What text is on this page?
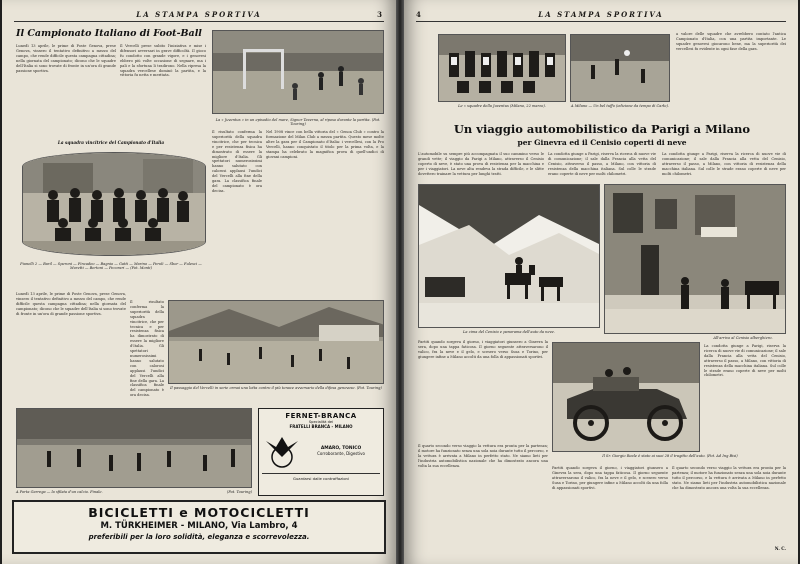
LA STAMPA SPORTIVA	3
Il Campionato Italiano di Foot-Ball
Lunedì 13 aprile, le prime di Poste Genova, prese Genova, vinsero il tentativo definitivo a mezzo del campo, che rende difficile questa campagna cittadina; nella giornata del campionato; dicono che le squadre dell'Italia si sono trovate di fronte in un'ora di grande passione sportiva.
Il Vercelli prese subito l'iniziativa e mise i difensori avversari in grave difficoltà. Il gioco fu condotto con grande vigore, e i genovesi ebbero più volte occasione di segnare, ma i pali e la sfortuna li tradirono. Nella ripresa la squadra vercellese dominò la partita, e la vittoria fu netta e meritata.
La « Juventus » in un episodio del mare, Signor Taverna, al riposo durante la partita. (Fot. Touring)
La squadra vincitrice del Campionato d'Italia
Pianelli 2 — Baril — Speroni — Fincadeo — Bagnio — Gatti — Marino — Peroli — Sbor — Fulesci — Moretti — Bertoni — Pecorari — (Fot. Monti)
Il risultato conferma la superiorità della squadra vincitrice, che per tecnica e per resistenza fisica ha dimostrato di essere la migliore d'Italia. Gli spettatori numerosissimi hanno salutato con calorosi applausi l'undici del Vercelli alla fine della gara. La classifica finale del campionato è ora decisa.
Nel 1908 vince con bella vittoria del « Genoa Club » contro la formazione del Milan Club a mezza partita. Questo mese molte altre la gara per il Campionato d'Italia: i vercellesi, con la Pro Vercelli, hanno conquistato il titolo per la prima volta, e la stampa ha celebrato la magnifica prova di quell'undici di giovani campioni.
Lunedì 13 aprile, le prime di Poste Genova, prese Genova, vinsero il tentativo definitivo a mezzo del campo, che rende difficile questa campagna cittadina; nella giornata del campionato; dicono che le squadre dell'Italia si sono trovate di fronte in un'ora di grande passione sportiva.
Il risultato conferma la superiorità della squadra vincitrice, che per tecnica e per resistenza fisica ha dimostrato di essere la migliore d'Italia. Gli spettatori numerosissimi hanno salutato con calorosi applausi l'undici del Vercelli alla fine della gara. La classifica finale del campionato è ora decisa.
Il passaggio del Vercelli in serie ormai una lotta contro il più tenace avversario della difesa genovese. (Fot. Touring)
A Porta Garrega — la sfilata d'un calcio. Finale.	(Fot. Touring)
FERNET-BRANCA
Specialità dei
FRATELLI BRANCA - MILANO
AMARO, TONICO
Corroborante, Digestivo
Guardarsi dalle contraffazioni
BICICLETTI e MOTOCICLETTI
M. TÜRKHEIMER - MILANO, Via Lambro, 4
preferibili per la loro solidità, eleganza e scorrevolezza.
4	LA STAMPA SPORTIVA
Le « squadre della Juventus (Milano, 22 marzo).	A Milano — Un bel tuffo (edizione da tempo di Carlo).
a valore delle squadre che avrebbero contato l'antica Campionato d'Italia, con una partita importante. Le squadre genovesi giocarono bene, ma la superiorità dei vercellesi fu evidente in ogni fase della gara.
Un viaggio automobilistico da Parigi a Milano
per Ginevra ed il Cenisio coperti di neve
L'automobile su sempre più accompagnata il suo cammino verso le grandi vette; il viaggio da Parigi a Milano, attraverso il Cenisio coperto di neve, è stato una prova di resistenza per la macchina e per i viaggiatori. La neve alta rendeva la strada difficile, e le slitte dovettero trainare la vettura per lunghi tratti.
La condotta giunge a Parigi, riserva la ricerca di nuove vie di comunicazione; il sale dalla Francia alla vetta del Cenisio, attraverso il passo, a Milano, con vittoria di resistenza della macchina italiana. Sul colle le strade erano coperte di neve per molti chilometri.
La condotta giunge a Parigi, riserva la ricerca di nuove vie di comunicazione; il sale dalla Francia alla vetta del Cenisio, attraverso il passo, a Milano, con vittoria di resistenza della macchina italiana. Sul colle le strade erano coperte di neve per molti chilometri.
La cima del Cenisio e panorama dell'auto da neve.
All'arrivo al Cenisio alberghiero.
Partiti quando sorgeva il giorno, i viaggiatori giunsero a Ginevra la sera, dopo una tappa faticosa. Il giorno seguente attraversarono il valico, fra la neve e il gelo, e scesero verso Susa e Torino, per giungere infine a Milano accolti da una folla di appassionati sportivi.
Il Sr. Giorgio Reale è stato ai suoi 28 il tragitto dell'auto. (Fot. Ad Ing Bisi)
La condotta giunge a Parigi, riserva la ricerca di nuove vie di comunicazione; il sale dalla Francia alla vetta del Cenisio, attraverso il passo, a Milano, con vittoria di resistenza della macchina italiana. Sul colle le strade erano coperte di neve per molti chilometri.
Il quarto secondo verso viaggio la vettura era pronta per la partenza; il motore ha funzionato senza una sola noia durante tutto il percorso, e la vettura è arrivata a Milano in perfetto stato. Ne siamo lieti per l'industria automobilistica nazionale che ha dimostrato ancora una volta la sua eccellenza.
Partiti quando sorgeva il giorno, i viaggiatori giunsero a Ginevra la sera, dopo una tappa faticosa. Il giorno seguente attraversarono il valico, fra la neve e il gelo, e scesero verso Susa e Torino, per giungere infine a Milano accolti da una folla di appassionati sportivi.
Il quarto secondo verso viaggio la vettura era pronta per la partenza; il motore ha funzionato senza una sola noia durante tutto il percorso, e la vettura è arrivata a Milano in perfetto stato. Ne siamo lieti per l'industria automobilistica nazionale che ha dimostrato ancora una volta la sua eccellenza.
N. C.
